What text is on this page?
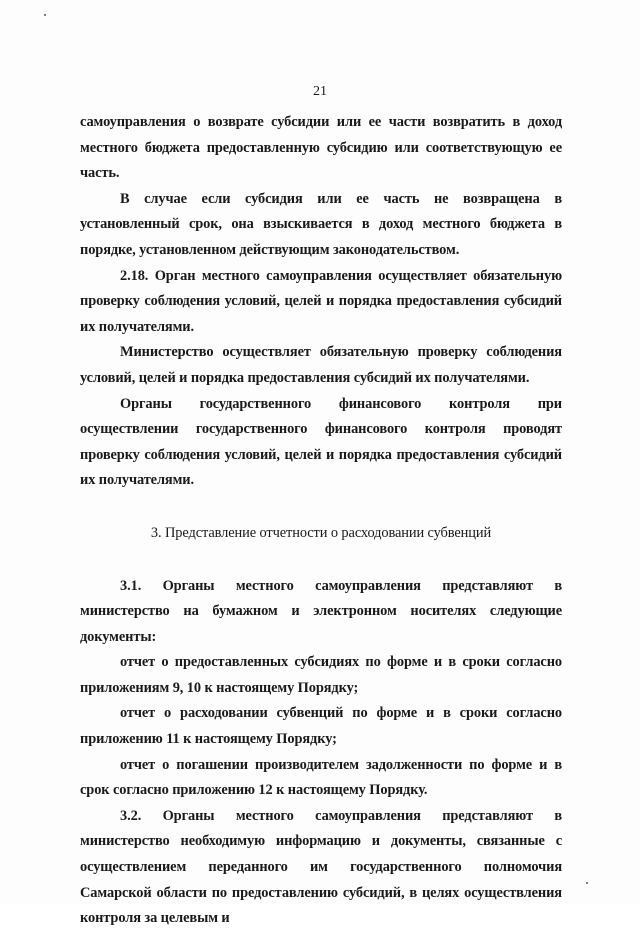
21

самоуправления о возврате субсидии или ее части возвратить в доход местного бюджета предоставленную субсидию или соответствующую ее часть.

В случае если субсидия или ее часть не возвращена в установленный срок, она взыскивается в доход местного бюджета в порядке, установленном действующим законодательством.

2.18. Орган местного самоуправления осуществляет обязательную проверку соблюдения условий, целей и порядка предоставления субсидий их получателями.

Министерство осуществляет обязательную проверку соблюдения условий, целей и порядка предоставления субсидий их получателями.

Органы государственного финансового контроля при осуществлении государственного финансового контроля проводят проверку соблюдения условий, целей и порядка предоставления субсидий их получателями.

3. Представление отчетности о расходовании субвенций

3.1. Органы местного самоуправления представляют в министерство на бумажном и электронном носителях следующие документы:

отчет о предоставленных субсидиях по форме и в сроки согласно приложениям 9, 10 к настоящему Порядку;

отчет о расходовании субвенций по форме и в сроки согласно приложению 11 к настоящему Порядку;

отчет о погашении производителем задолженности по форме и в срок согласно приложению 12 к настоящему Порядку.

3.2. Органы местного самоуправления представляют в министерство необходимую информацию и документы, связанные с осуществлением переданного им государственного полномочия Самарской области по предоставлению субсидий, в целях осуществления контроля за целевым и
